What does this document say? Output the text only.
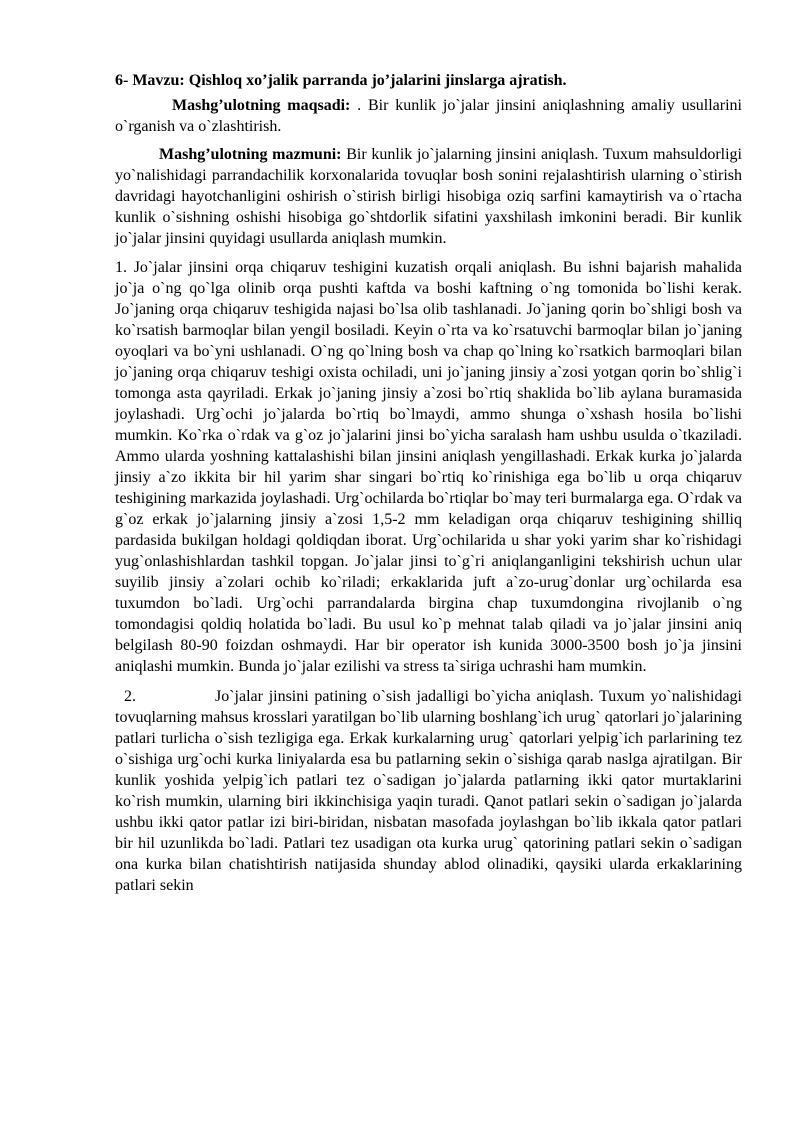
6- Mavzu: Qishloq xo’jalik parranda jo’jalarini jinslarga ajratish.

Mashg’ulotning maqsadi: . Bir kunlik jo`jalar jinsini aniqlashning amaliy usullarini o`rganish va o`zlashtirish.

Mashg’ulotning mazmuni: Bir kunlik jo`jalarning jinsini aniqlash. Tuxum mahsuldorligi yo`nalishidagi parrandachilik korxonalarida tovuqlar bosh sonini rejalashtirish ularning o`stirish davridagi hayotchanligini oshirish o`stirish birligi hisobiga oziq sarfini kamaytirish va o`rtacha kunlik o`sishning oshishi hisobiga go`shtdorlik sifatini yaxshilash imkonini beradi. Bir kunlik jo`jalar jinsini quyidagi usullarda aniqlash mumkin.

1. Jo`jalar jinsini orqa chiqaruv teshigini kuzatish orqali aniqlash. Bu ishni bajarish mahalida jo`ja o`ng qo`lga olinib orqa pushti kaftda va boshi kaftning o`ng tomonida bo`lishi kerak. Jo`janing orqa chiqaruv teshigida najasi bo`lsa olib tashlanadi. Jo`janing qorin bo`shligi bosh va ko`rsatish barmoqlar bilan yengil bosiladi. Keyin o`rta va ko`rsatuvchi barmoqlar bilan jo`janing oyoqlari va bo`yni ushlanadi. O`ng qo`lning bosh va chap qo`lning ko`rsatkich barmoqlari bilan jo`janing orqa chiqaruv teshigi oxista ochiladi, uni jo`janing jinsiy a`zosi yotgan qorin bo`shlig`i tomonga asta qayriladi. Erkak jo`janing jinsiy a`zosi bo`rtiq shaklida bo`lib aylana buramasida joylashadi. Urg`ochi jo`jalarda bo`rtiq bo`lmaydi, ammo shunga o`xshash hosila bo`lishi mumkin. Ko`rka o`rdak va g`oz jo`jalarini jinsi bo`yicha saralash ham ushbu usulda o`tkaziladi. Ammo ularda yoshning kattalashishi bilan jinsini aniqlash yengillashadi. Erkak kurka jo`jalarda jinsiy a`zo ikkita bir hil yarim shar singari bo`rtiq ko`rinishiga ega bo`lib u orqa chiqaruv teshigining markazida joylashadi. Urg`ochilarda bo`rtiqlar bo`may teri burmalarga ega. O`rdak va g`oz erkak jo`jalarning jinsiy a`zosi 1,5-2 mm keladigan orqa chiqaruv teshigining shilliq pardasida bukilgan holdagi qoldiqdan iborat. Urg`ochilarida u shar yoki yarim shar ko`rishidagi yug`onlashishlardan tashkil topgan. Jo`jalar jinsi to`g`ri aniqlanganligini tekshirish uchun ular suyilib jinsiy a`zolari ochib ko`riladi; erkaklarida juft a`zo-urug`donlar urg`ochilarda esa tuxumdon bo`ladi. Urg`ochi parrandalarda birgina chap tuxumdongina rivojlanib o`ng tomondagisi qoldiq holatida bo`ladi. Bu usul ko`p mehnat talab qiladi va jo`jalar jinsini aniq belgilash 80-90 foizdan oshmaydi. Har bir operator ish kunida 3000-3500 bosh jo`ja jinsini aniqlashi mumkin. Bunda jo`jalar ezilishi va stress ta`siriga uchrashi ham mumkin.

2.	Jo`jalar jinsini patining o`sish jadalligi bo`yicha aniqlash. Tuxum yo`nalishidagi tovuqlarning mahsus krosslari yaratilgan bo`lib ularning boshlang`ich urug` qatorlari jo`jalarining patlari turlicha o`sish tezligiga ega. Erkak kurkalarning urug` qatorlari yelpig`ich parlarining tez o`sishiga urg`ochi kurka liniyalarda esa bu patlarning sekin o`sishiga qarab naslga ajratilgan. Bir kunlik yoshida yelpig`ich patlari tez o`sadigan jo`jalarda patlarning ikki qator murtaklarini ko`rish mumkin, ularning biri ikkinchisiga yaqin turadi. Qanot patlari sekin o`sadigan jo`jalarda ushbu ikki qator patlar izi biri-biridan, nisbatan masofada joylashgan bo`lib ikkala qator patlari bir hil uzunlikda bo`ladi. Patlari tez usadigan ota kurka urug` qatorining patlari sekin o`sadigan ona kurka bilan chatishtirish natijasida shunday ablod olinadiki, qaysiki ularda erkaklarining patlari sekin
